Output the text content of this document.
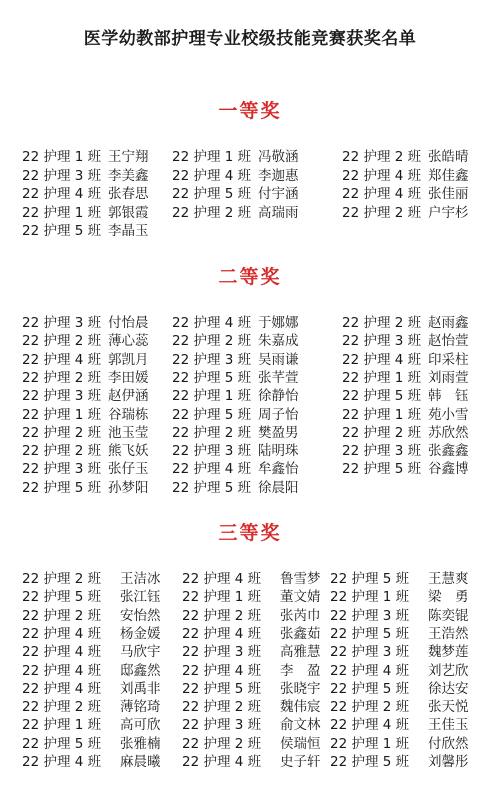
医学幼教部护理专业校级技能竞赛获奖名单
一等奖
22 护理 1 班 王宁翔 22 护理 1 班 冯敬涵	22 护理 2 班 张皓晴
22 护理 3 班 李美鑫 22 护理 4 班 李迦惠	22 护理 4 班 郑佳鑫
22 护理 4 班 张春思 22 护理 5 班 付宇涵	22 护理 4 班 张佳丽
22 护理 1 班 郭银霞 22 护理 2 班 高瑞雨	22 护理 2 班 户宇杉
22 护理 5 班 李晶玉
二等奖
22 护理 3 班 付怡晨 22 护理 4 班 于娜娜	22 护理 2 班 赵雨鑫
22 护理 2 班 薄心蕊 22 护理 2 班 朱嘉成	22 护理 3 班 赵怡萱
22 护理 4 班 郭凯月 22 护理 3 班 吴雨谦	22 护理 4 班 印采柱
22 护理 2 班 李田媛 22 护理 5 班 张芊萱	22 护理 1 班 刘雨萱
22 护理 3 班 赵伊涵 22 护理 1 班 徐静怡	22 护理 5 班 韩　钰
22 护理 1 班 谷瑞栋 22 护理 5 班 周子怡	22 护理 1 班 苑小雪
22 护理 2 班 池玉莹 22 护理 2 班 樊盈男	22 护理 2 班 苏欣然
22 护理 2 班 熊飞妖 22 护理 3 班 陆明珠	22 护理 3 班 张鑫鑫
22 护理 3 班 张仔玉 22 护理 4 班 牟鑫怡	22 护理 5 班 谷鑫博
22 护理 5 班 孙梦阳 22 护理 5 班 徐晨阳
三等奖
22 护理 2 班 王洁冰 22 护理 4 班 鲁雪梦 22 护理 5 班 王慧爽
22 护理 5 班 张江钰 22 护理 1 班 董文婧 22 护理 1 班 梁　勇
22 护理 2 班 安怡然 22 护理 2 班 张芮巾 22 护理 3 班 陈奕锟
22 护理 4 班 杨金媛 22 护理 4 班 张鑫茹 22 护理 5 班 王浩然
22 护理 4 班 马欣宇 22 护理 3 班 高雅慧 22 护理 3 班 魏梦莲
22 护理 4 班 邸鑫然 22 护理 4 班 李　盈 22 护理 4 班 刘艺欣
22 护理 4 班 刘禹非 22 护理 5 班 张晓宇 22 护理 5 班 徐达安
22 护理 2 班 薄铭琦 22 护理 2 班 魏伟宸 22 护理 2 班 张天悦
22 护理 1 班 高可欣 22 护理 3 班 俞文林 22 护理 4 班 王佳玉
22 护理 5 班 张雅楠 22 护理 2 班 侯瑞恒 22 护理 1 班 付欣然
22 护理 4 班 麻晨曦 22 护理 4 班 史子轩 22 护理 5 班 刘馨彤
